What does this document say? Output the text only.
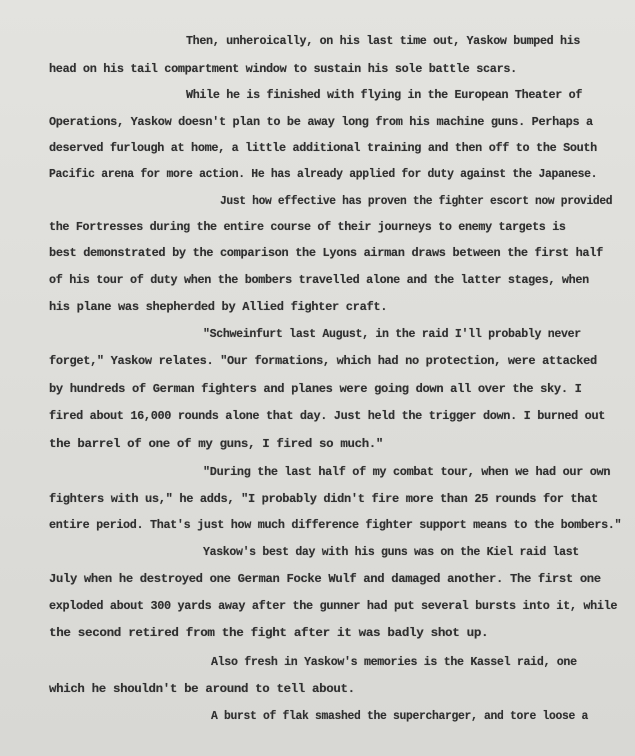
Then, unheroically, on his last time out, Yaskow bumped his
head on his tail compartment window to sustain his sole battle scars.
While he is finished with flying in the European Theater of
Operations, Yaskow doesn't plan to be away long from his machine guns. Perhaps a
deserved furlough at home, a little additional training and then off to the South
Pacific arena for more action. He has already applied for duty against the Japanese.
Just how effective has proven the fighter escort now provided
the Fortresses during the entire course of their journeys to enemy targets is
best demonstrated by the comparison the Lyons airman draws between the first half
of his tour of duty when the bombers travelled alone and the latter stages, when
his plane was shepherded by Allied fighter craft.
"Schweinfurt last August, in the raid I'll probably never
forget," Yaskow relates. "Our formations, which had no protection, were attacked
by hundreds of German fighters and planes were going down all over the sky. I
fired about 16,000 rounds alone that day. Just held the trigger down. I burned out
the barrel of one of my guns, I fired so much."
"During the last half of my combat tour, when we had our own
fighters with us," he adds, "I probably didn't fire more than 25 rounds for that
entire period. That's just how much difference fighter support means to the bombers."
Yaskow's best day with his guns was on the Kiel raid last
July when he destroyed one German Focke Wulf and damaged another. The first one
exploded about 300 yards away after the gunner had put several bursts into it, while
the second retired from the fight after it was badly shot up.
Also fresh in Yaskow's memories is the Kassel raid, one
which he shouldn't be around to tell about.
A burst of flak smashed the supercharger, and tore loose a
